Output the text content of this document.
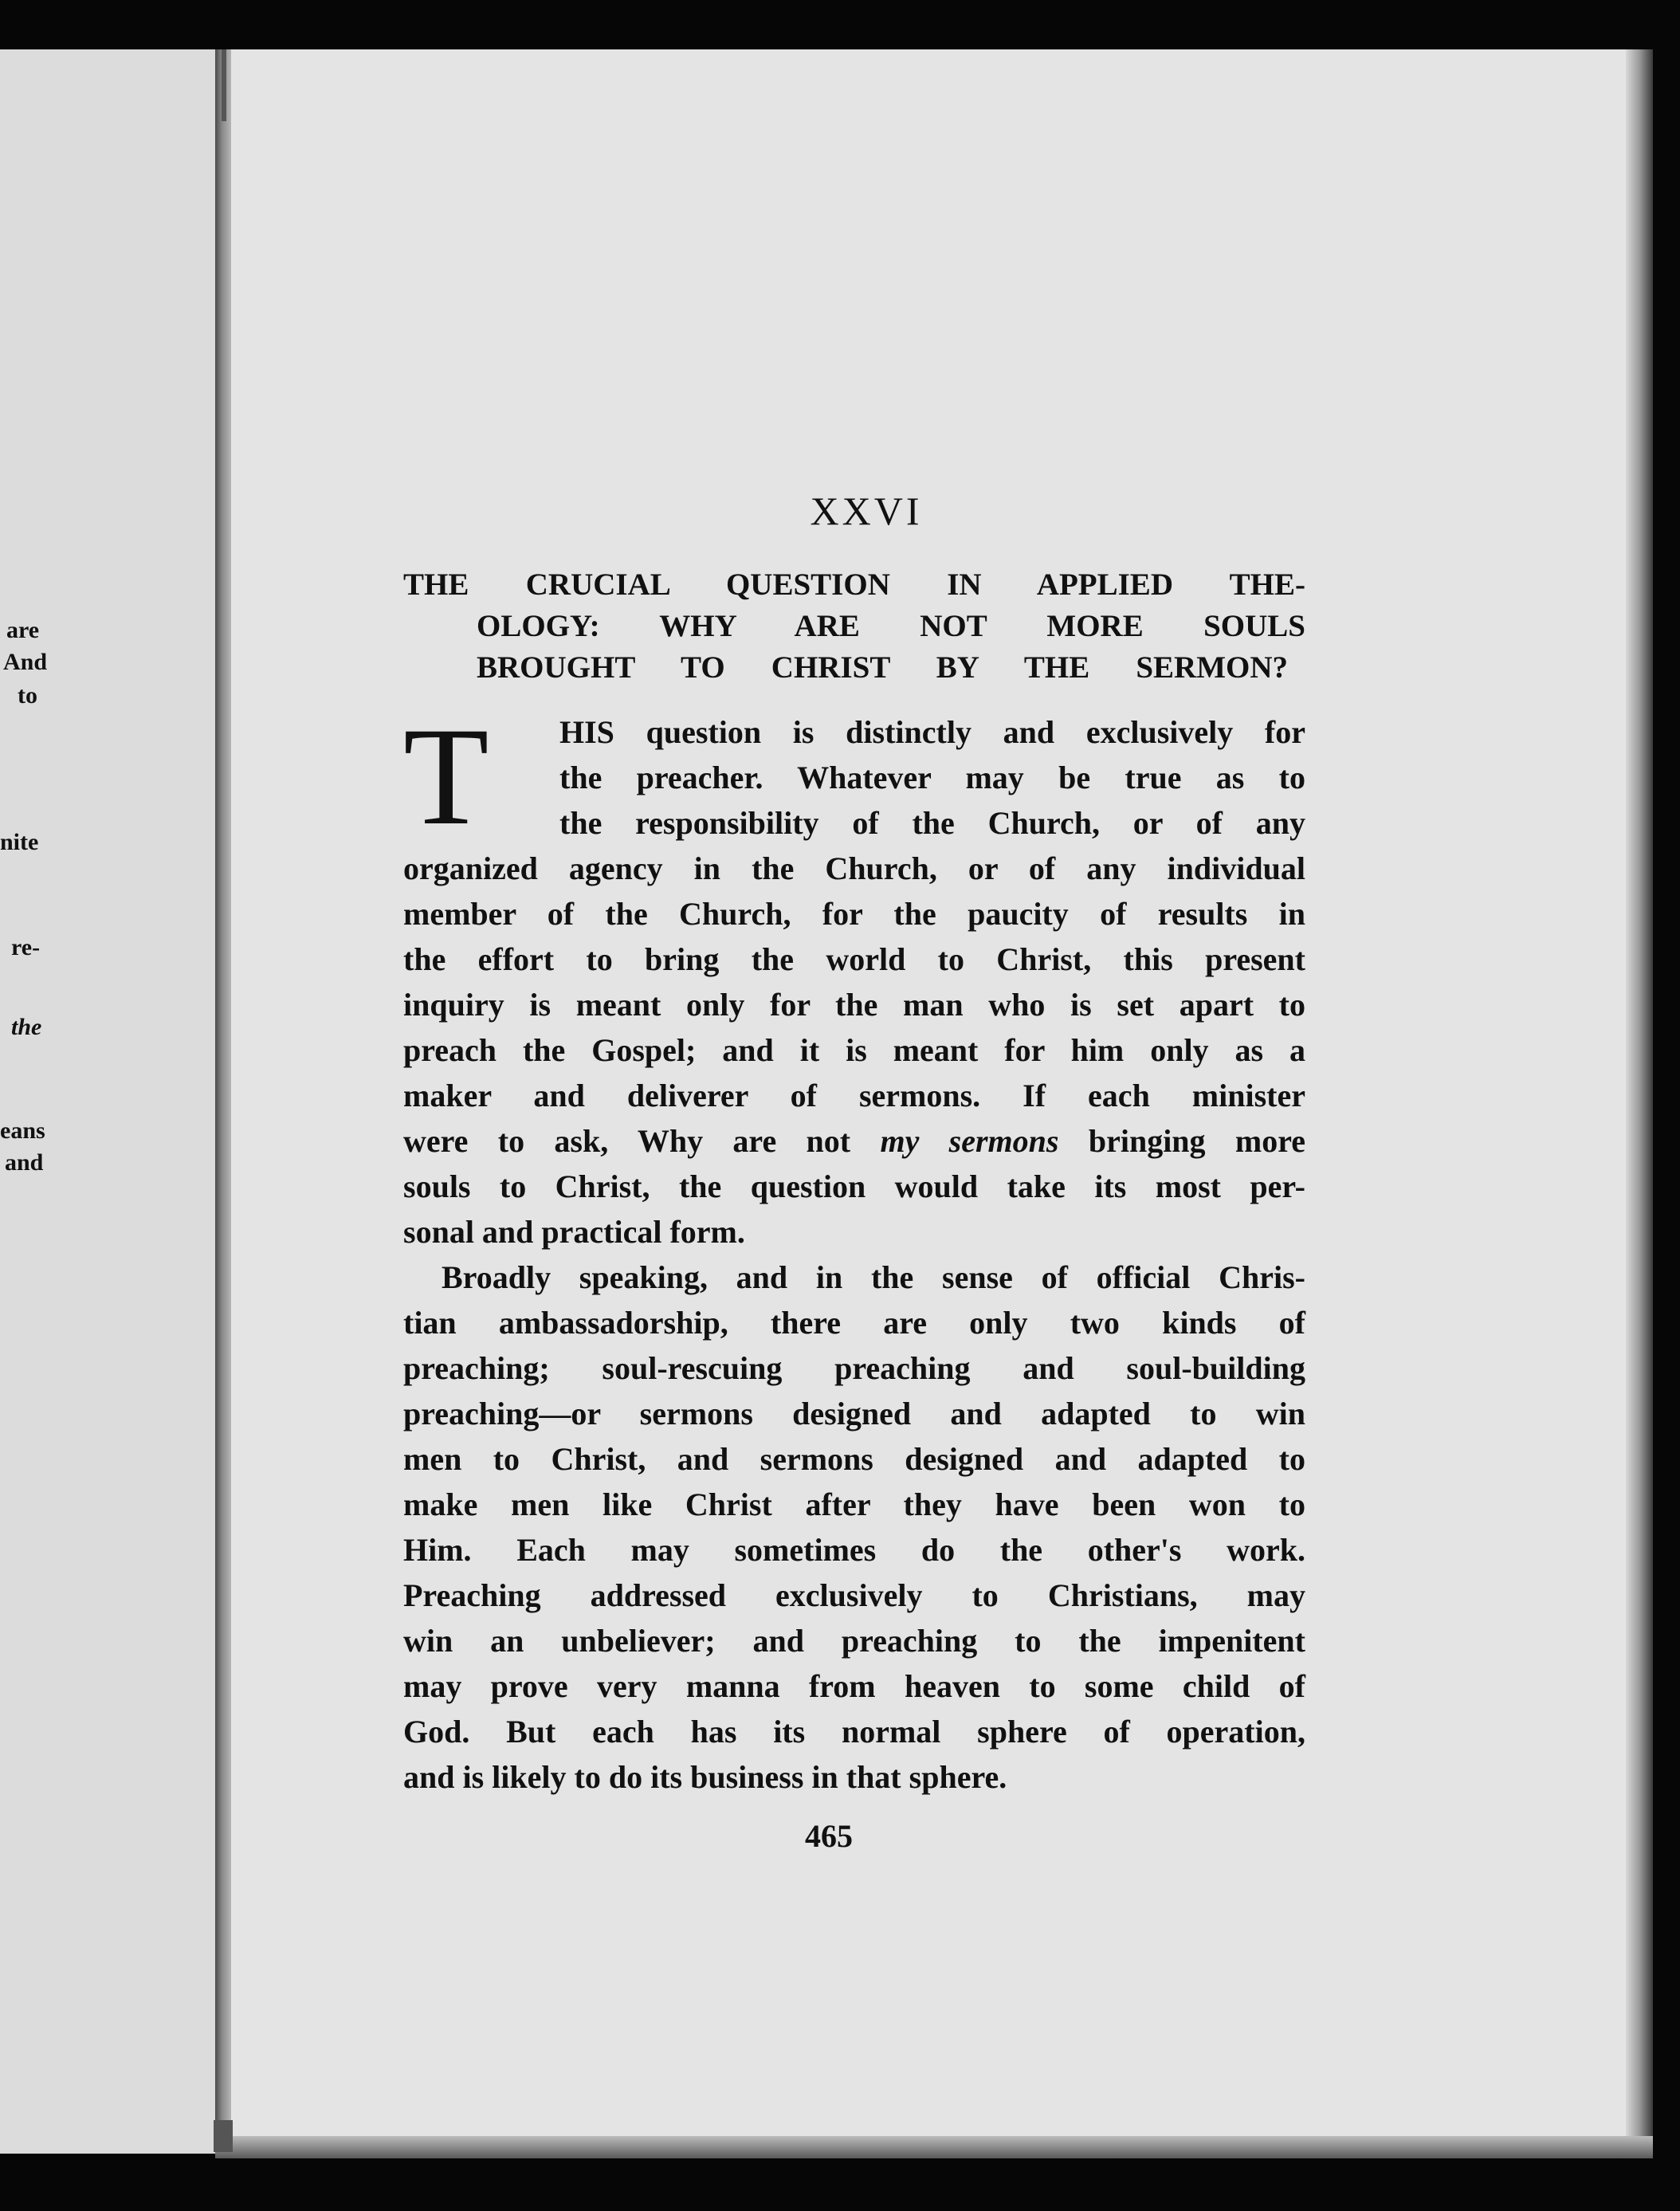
are
And
to
nite
re-
the
eans
and
XXVI
THE CRUCIAL QUESTION IN APPLIED THE-
OLOGY: WHY ARE NOT MORE SOULS
BROUGHT TO CHRIST BY THE SERMON?
T	HIS question is distinctly and exclusively for
the preacher. Whatever may be true as to
the responsibility of the Church, or of any
organized agency in the Church, or of any individual
member of the Church, for the paucity of results in
the effort to bring the world to Christ, this present
inquiry is meant only for the man who is set apart to
preach the Gospel; and it is meant for him only as a
maker and deliverer of sermons. If each minister
were to ask, Why are not my sermons bringing more
souls to Christ, the question would take its most per-
sonal and practical form.
Broadly speaking, and in the sense of official Chris-
tian ambassadorship, there are only two kinds of
preaching; soul-rescuing preaching and soul-building
preaching—or sermons designed and adapted to win
men to Christ, and sermons designed and adapted to
make men like Christ after they have been won to
Him. Each may sometimes do the other's work.
Preaching addressed exclusively to Christians, may
win an unbeliever; and preaching to the impenitent
may prove very manna from heaven to some child of
God. But each has its normal sphere of operation,
and is likely to do its business in that sphere.
465
